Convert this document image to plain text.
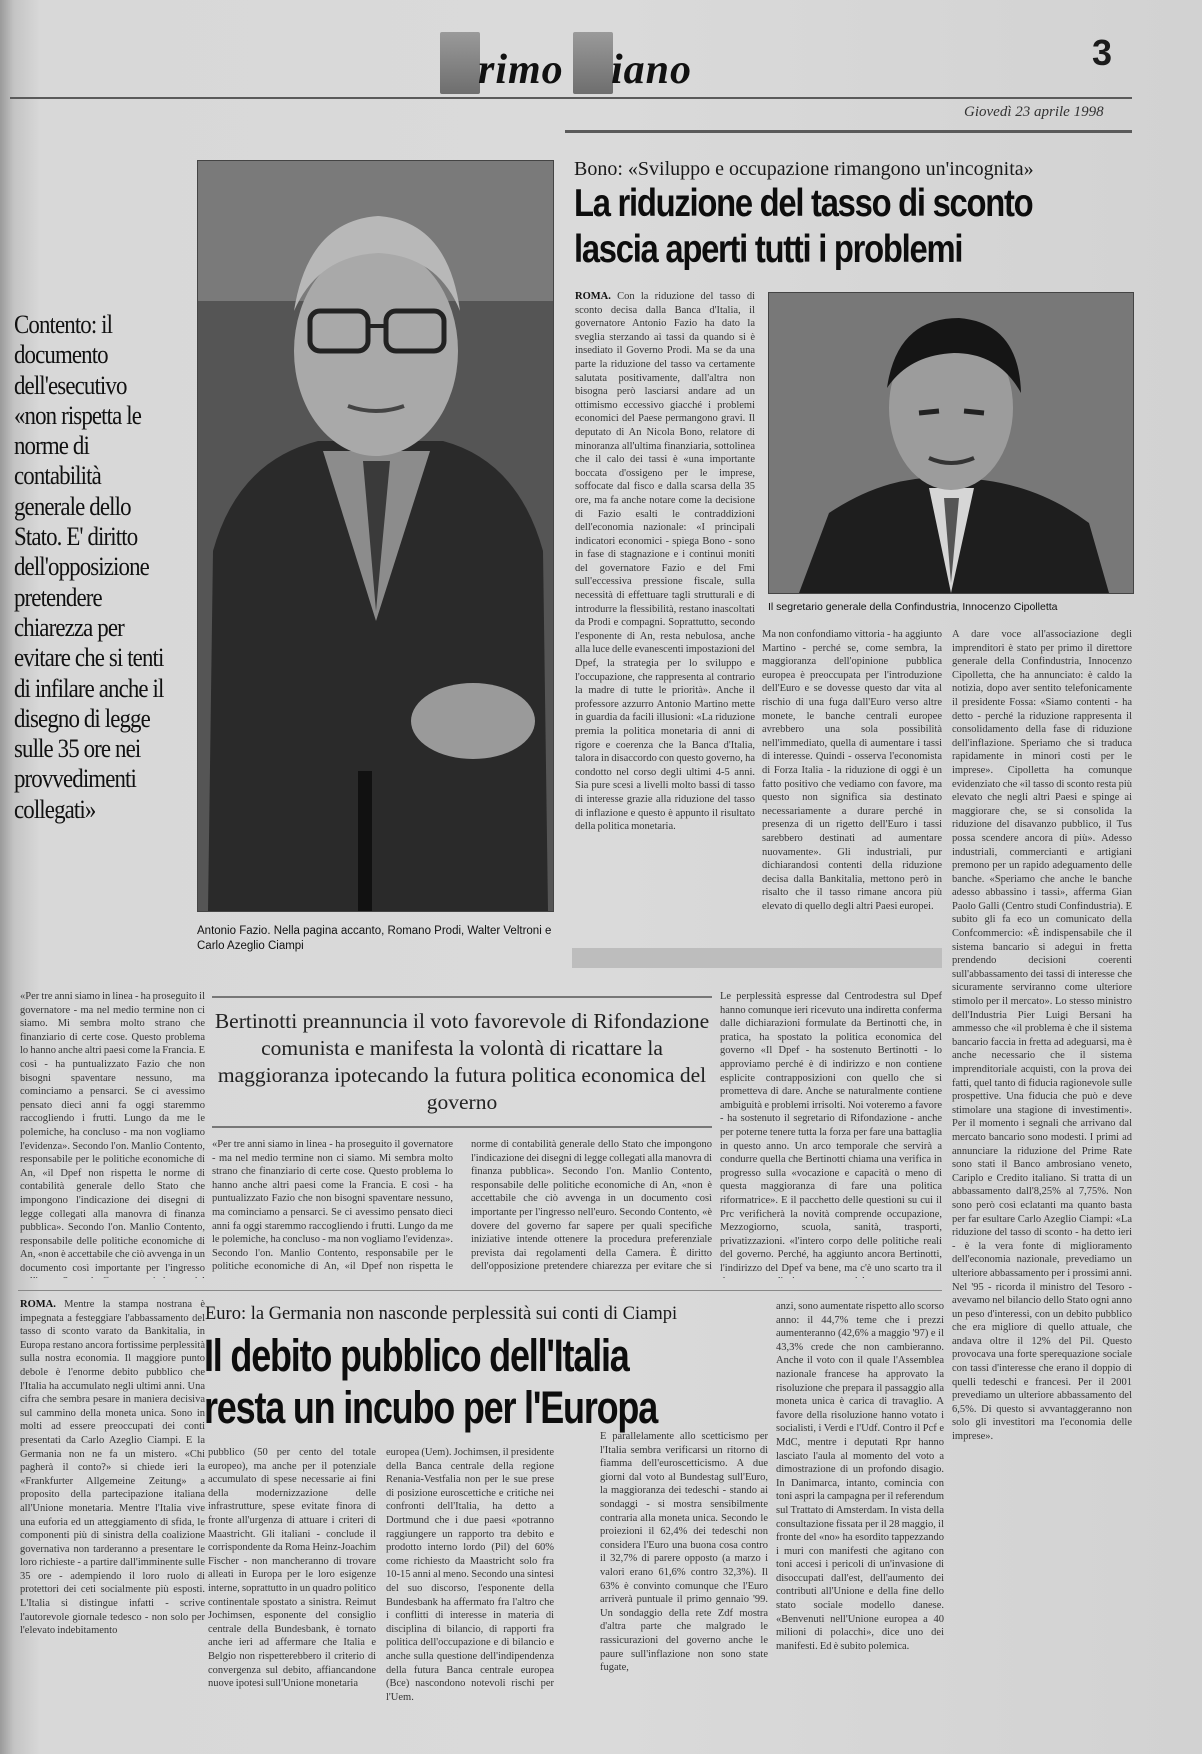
rimo iano	3
Giovedì 23 aprile 1998
Antonio Fazio. Nella pagina accanto, Romano Prodi, Walter Veltroni e Carlo Azeglio Ciampi
Contento: il documento dell'esecutivo «non rispetta le norme di contabilità generale dello Stato. E' diritto dell'opposizione pretendere chiarezza per evitare che si tenti di infilare anche il disegno di legge sulle 35 ore nei provvedimenti collegati»
Bono: «Sviluppo e occupazione rimangono un'incognita»
La riduzione del tasso di sconto
lascia aperti tutti i problemi
ROMA. Con la riduzione del tasso di sconto decisa dalla Banca d'Italia, il governatore Antonio Fazio ha dato la sveglia sterzando ai tassi da quando si è insediato il Governo Prodi. Ma se da una parte la riduzione del tasso va certamente salutata positivamente, dall'altra non bisogna però lasciarsi andare ad un ottimismo eccessivo giacché i problemi economici del Paese permangono gravi. Il deputato di An Nicola Bono, relatore di minoranza all'ultima finanziaria, sottolinea che il calo dei tassi è «una importante boccata d'ossigeno per le imprese, soffocate dal fisco e dalla scarsa della 35 ore, ma fa anche notare come la decisione di Fazio esalti le contraddizioni dell'economia nazionale: «I principali indicatori economici - spiega Bono - sono in fase di stagnazione e i continui moniti del governatore Fazio e del Fmi sull'eccessiva pressione fiscale, sulla necessità di effettuare tagli strutturali e di introdurre la flessibilità, restano inascoltati da Prodi e compagni. Soprattutto, secondo l'esponente di An, resta nebulosa, anche alla luce delle evanescenti impostazioni del Dpef, la strategia per lo sviluppo e l'occupazione, che rappresenta al contrario la madre di tutte le priorità». Anche il professore azzurro Antonio Martino mette in guardia da facili illusioni: «La riduzione premia la politica monetaria di anni di rigore e coerenza che la Banca d'Italia, talora in disaccordo con questo governo, ha condotto nel corso degli ultimi 4-5 anni. Sia pure scesi a livelli molto bassi di tasso di interesse grazie alla riduzione del tasso di inflazione e questo è appunto il risultato della politica monetaria.
Il segretario generale della Confindustria, Innocenzo Cipolletta
Ma non confondiamo vittoria - ha aggiunto Martino - perché se, come sembra, la maggioranza dell'opinione pubblica europea è preoccupata per l'introduzione dell'Euro e se dovesse questo dar vita al rischio di una fuga dall'Euro verso altre monete, le banche centrali europee avrebbero una sola possibilità nell'immediato, quella di aumentare i tassi di interesse. Quindi - osserva l'economista di Forza Italia - la riduzione di oggi è un fatto positivo che vediamo con favore, ma questo non significa sia destinato necessariamente a durare perché in presenza di un rigetto dell'Euro i tassi sarebbero destinati ad aumentare nuovamente». Gli industriali, pur dichiarandosi contenti della riduzione decisa dalla Bankitalia, mettono però in risalto che il tasso rimane ancora più elevato di quello degli altri Paesi europei.
A dare voce all'associazione degli imprenditori è stato per primo il direttore generale della Confindustria, Innocenzo Cipolletta, che ha annunciato: è caldo la notizia, dopo aver sentito telefonicamente il presidente Fossa: «Siamo contenti - ha detto - perché la riduzione rappresenta il consolidamento della fase di riduzione dell'inflazione. Speriamo che si traduca rapidamente in minori costi per le imprese». Cipolletta ha comunque evidenziato che «il tasso di sconto resta più elevato che negli altri Paesi e spinge ai maggiorare che, se si consolida la riduzione del disavanzo pubblico, il Tus possa scendere ancora di più». Adesso industriali, commercianti e artigiani premono per un rapido adeguamento delle banche. «Speriamo che anche le banche adesso abbassino i tassi», afferma Gian Paolo Galli (Centro studi Confindustria). E subito gli fa eco un comunicato della Confcommercio: «È indispensabile che il sistema bancario si adegui in fretta prendendo decisioni coerenti sull'abbassamento dei tassi di interesse che sicuramente serviranno come ulteriore stimolo per il mercato». Lo stesso ministro dell'Industria Pier Luigi Bersani ha ammesso che «il problema è che il sistema bancario faccia in fretta ad adeguarsi, ma è anche necessario che il sistema imprenditoriale acquisti, con la prova dei fatti, quel tanto di fiducia ragionevole sulle prospettive. Una fiducia che può e deve stimolare una stagione di investimenti». Per il momento i segnali che arrivano dal mercato bancario sono modesti. I primi ad annunciare la riduzione del Prime Rate sono stati il Banco ambrosiano veneto, Cariplo e Credito italiano. Si tratta di un abbassamento dall'8,25% al 7,75%. Non sono però così eclatanti ma quanto basta per far esultare Carlo Azeglio Ciampi: «La riduzione del tasso di sconto - ha detto ieri - è la vera fonte di miglioramento dell'economia nazionale, prevediamo un ulteriore abbassamento per i prossimi anni. Nel '95 - ricorda il ministro del Tesoro - avevamo nel bilancio dello Stato ogni anno un peso d'interessi, con un debito pubblico che era migliore di quello attuale, che andava oltre il 12% del Pil. Questo provocava una forte sperequazione sociale con tassi d'interesse che erano il doppio di quelli tedeschi e francesi. Per il 2001 prevediamo un ulteriore abbassamento del 6,5%. Di questo si avvantaggeranno non solo gli investitori ma l'economia delle imprese».
«Per tre anni siamo in linea - ha proseguito il governatore - ma nel medio termine non ci siamo. Mi sembra molto strano che finanziario di certe cose. Questo problema lo hanno anche altri paesi come la Francia. E così - ha puntualizzato Fazio che non bisogni spaventare nessuno, ma cominciamo a pensarci. Se ci avessimo pensato dieci anni fa oggi staremmo raccogliendo i frutti. Lungo da me le polemiche, ha concluso - ma non vogliamo l'evidenza». Secondo l'on. Manlio Contento, responsabile per le politiche economiche di An, «il Dpef non rispetta le norme di contabilità generale dello Stato che impongono l'indicazione dei disegni di legge collegati alla manovra di finanza pubblica». Secondo l'on. Manlio Contento, responsabile delle politiche economiche di An, «non è accettabile che ciò avvenga in un documento così importante per l'ingresso
Bertinotti preannuncia il voto favorevole di Rifondazione comunista e manifesta la volontà di ricattare la maggioranza ipotecando la futura politica economica del governo
Le perplessità espresse dal Centrodestra sul Dpef hanno comunque ieri ricevuto una indiretta conferma dalle dichiarazioni formulate da Bertinotti che, in pratica, ha spostato la politica economica del governo «Il Dpef - ha sostenuto Bertinotti - lo approviamo perché è di indirizzo e non contiene esplicite contrapposizioni con quello che si prometteva di dare. Anche se naturalmente contiene ambiguità e problemi irrisolti. Noi voteremo a favore - ha sostenuto il segretario di Rifondazione - anche per poterne tenere tutta la forza per fare una battaglia in questo anno. Un arco temporale che servirà a condurre quella che Bertinotti chiama una verifica in progresso sulla «vocazione e capacità o meno di questa maggioranza di fare una politica riformatrice». E il pacchetto delle questioni su cui il Prc verificherà la novità comprende occupazione, Mezzogiorno, scuola, sanità, trasporti, privatizzazioni. «l'intero corpo delle politiche reali del governo. Perché, ha aggiunto ancora Bertinotti, l'indirizzo del Dpef va bene, ma c'è uno scarto tra il
«Per tre anni siamo in linea - ha proseguito il governatore - ma nel medio termine non ci siamo. Mi sembra molto strano che finanziario di certe cose. Questo problema lo hanno anche altri paesi come la Francia. E così - ha puntualizzato Fazio che non bisogni spaventare nessuno, ma cominciamo a pensarci. Se ci avessimo pensato dieci anni fa oggi staremmo raccogliendo i frutti. Lungo da me le polemiche, ha concluso - ma non vogliamo l'evidenza». Secondo l'on. Manlio Contento, responsabile per le politiche economiche di An, «il Dpef non rispetta le norme di contabilità generale dello Stato che impongono l'indicazione dei disegni di legge collegati alla manovra di finanza pubblica». Secondo l'on. Manlio Contento, responsabile delle politiche economiche di An, «non è accettabile che ciò avvenga in un documento così importante per l'ingresso nell'euro. Secondo Contento, «è dovere del governo far sapere per quali specifiche iniziative intende ottenere la procedura preferenziale prevista dai regolamenti della Camera. È diritto dell'opposizione pretendere chiarezza per evitare che si
ROMA. Mentre la stampa nostrana è impegnata a festeggiare l'abbassamento del tasso di sconto varato da Bankitalia, in Europa restano ancora fortissime perplessità sulla nostra economia. Il maggiore punto debole è l'enorme debito pubblico che l'Italia ha accumulato negli ultimi anni. Una cifra che sembra pesare in maniera decisiva sul cammino della moneta unica. Sono in molti ad essere preoccupati dei conti presentati da Carlo Azeglio Ciampi. E la Germania non ne fa un mistero. «Chi pagherà il conto?» si chiede ieri la «Frankfurter Allgemeine Zeitung» a proposito della partecipazione italiana all'Unione monetaria. Mentre l'Italia vive una euforia ed un atteggiamento di sfida, le componenti più di sinistra della coalizione governativa non tarderanno a presentare le loro richieste - a partire dall'imminente sulle 35 ore - adempiendo il loro ruolo di protettori dei ceti socialmente più esposti. L'Italia si distingue infatti - scrive l'autorevole giornale tedesco - non solo per l'elevato indebitamento
Euro: la Germania non nasconde perplessità sui conti di Ciampi
Il debito pubblico dell'Italia
resta un incubo per l'Europa
pubblico (50 per cento del totale europeo), ma anche per il potenziale accumulato di spese necessarie ai fini della modernizzazione delle infrastrutture, spese evitate finora di fronte all'urgenza di attuare i criteri di Maastricht. Gli italiani - conclude il corrispondente da Roma Heinz-Joachim Fischer - non mancheranno di trovare alleati in Europa per le loro esigenze interne, soprattutto in un quadro politico continentale spostato a sinistra. Reimut Jochimsen, esponente del consiglio centrale della Bundesbank, è tornato anche ieri ad affermare che Italia e Belgio non rispetterebbero il criterio di convergenza sul debito, affiancandone nuove ipotesi sull'Unione monetaria
europea (Uem). Jochimsen, il presidente della Banca centrale della regione Renania-Vestfalia non per le sue prese di posizione euroscettiche e critiche nei confronti dell'Italia, ha detto a Dortmund che i due paesi «potranno raggiungere un rapporto tra debito e prodotto interno lordo (Pil) del 60% come richiesto da Maastricht solo fra 10-15 anni al meno. Secondo una sintesi del suo discorso, l'esponente della Bundesbank ha affermato fra l'altro che i conflitti di interesse in materia di disciplina di bilancio, di rapporti fra politica dell'occupazione e di bilancio e anche sulla questione dell'indipendenza della futura Banca centrale europea (Bce) nascondono notevoli rischi per l'Uem.
E parallelamente allo scetticismo per l'Italia sembra verificarsi un ritorno di fiamma dell'euroscetticismo. A due giorni dal voto al Bundestag sull'Euro, la maggioranza dei tedeschi - stando ai sondaggi - si mostra sensibilmente contraria alla moneta unica. Secondo le proiezioni il 62,4% dei tedeschi non considera l'Euro una buona cosa contro il 32,7% di parere opposto (a marzo i valori erano 61,6% contro 32,3%). Il 63% è convinto comunque che l'Euro arriverà puntuale il primo gennaio '99. Un sondaggio della rete Zdf mostra d'altra parte che malgrado le rassicurazioni del governo anche le paure sull'inflazione non sono state fugate,
anzi, sono aumentate rispetto allo scorso anno: il 44,7% teme che i prezzi aumenteranno (42,6% a maggio '97) e il 43,3% crede che non cambieranno. Anche il voto con il quale l'Assemblea nazionale francese ha approvato la risoluzione che prepara il passaggio alla moneta unica è carica di travaglio. A favore della risoluzione hanno votato i socialisti, i Verdi e l'Udf. Contro il Pcf e MdC, mentre i deputati Rpr hanno lasciato l'aula al momento del voto a dimostrazione di un profondo disagio. In Danimarca, intanto, comincia con toni aspri la campagna per il referendum sul Trattato di Amsterdam. In vista della consultazione fissata per il 28 maggio, il fronte del «no» ha esordito tappezzando i muri con manifesti che agitano con toni accesi i pericoli di un'invasione di disoccupati dall'est, dell'aumento dei contributi all'Unione e della fine dello stato sociale modello danese. «Benvenuti nell'Unione europea a 40 milioni di polacchi», dice uno dei manifesti. Ed è subito polemica.
